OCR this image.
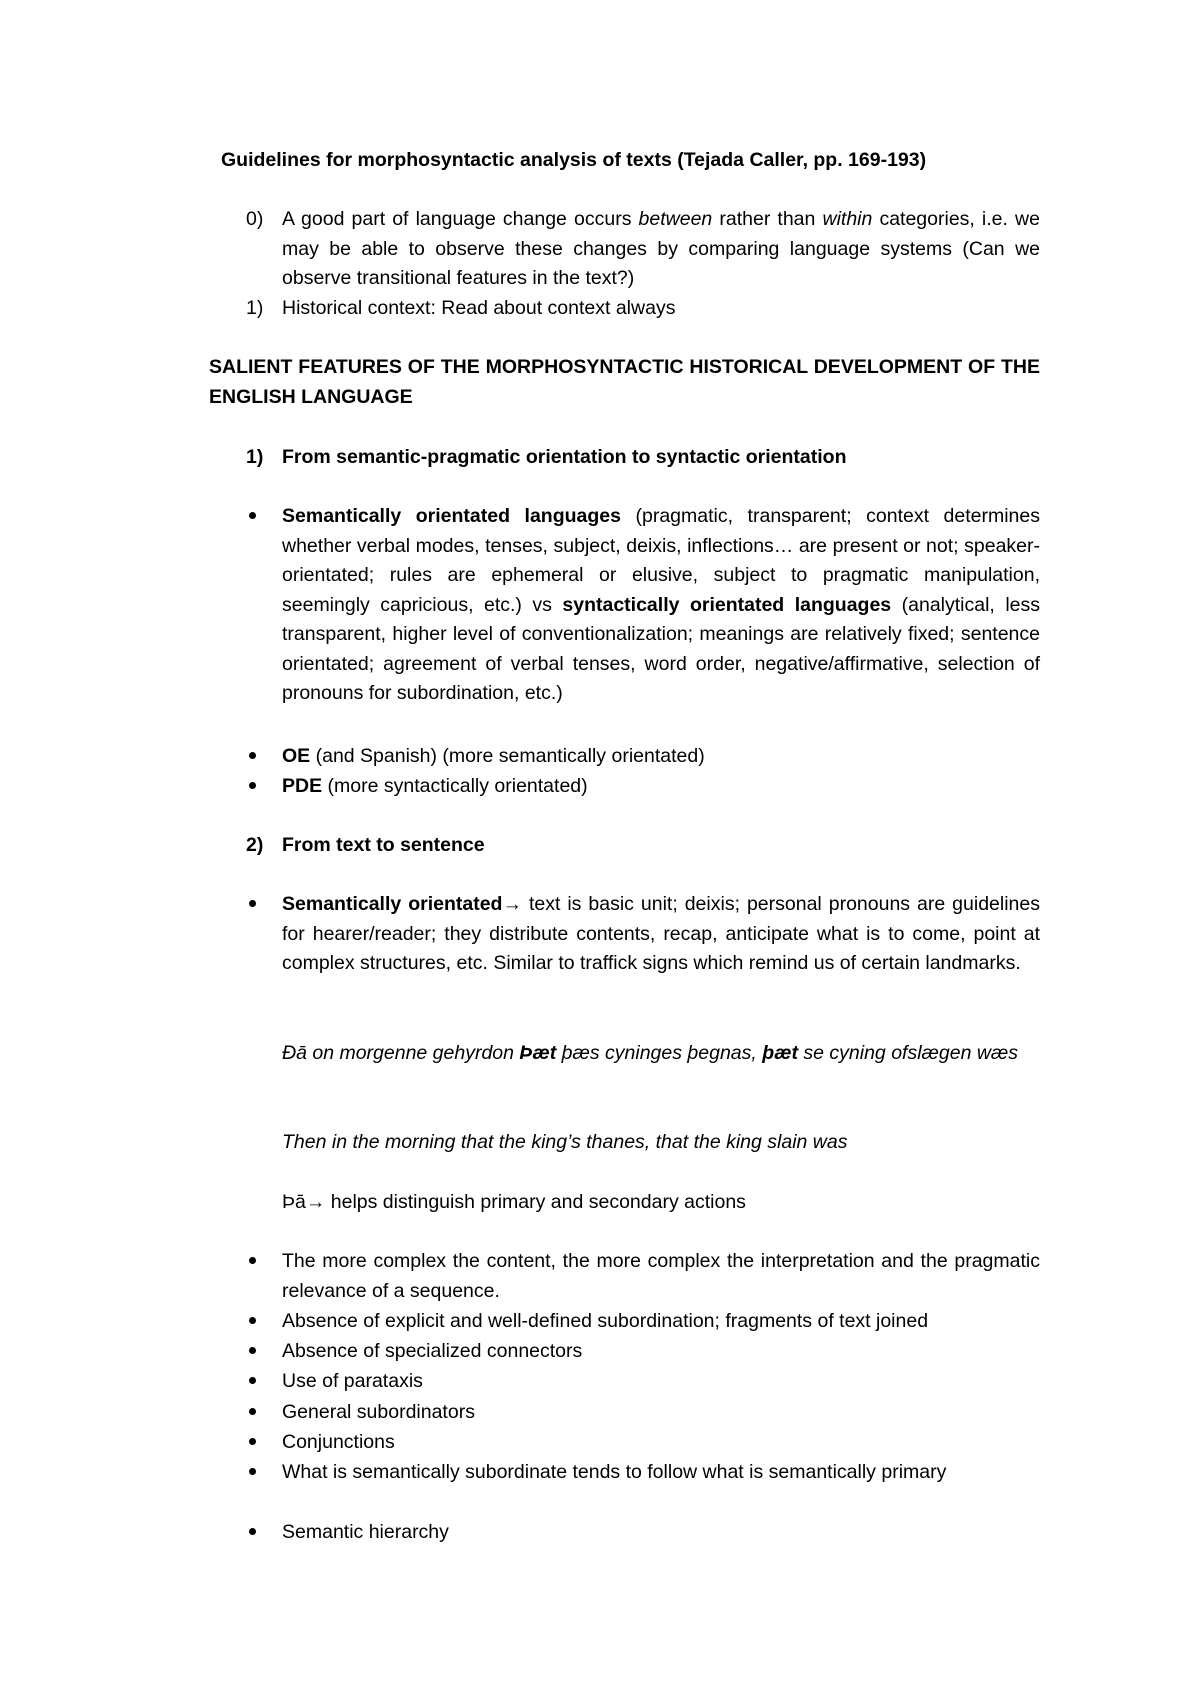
Guidelines for morphosyntactic analysis of texts (Tejada Caller, pp. 169-193)

0) A good part of language change occurs between rather than within categories, i.e. we may be able to observe these changes by comparing language systems (Can we observe transitional features in the text?)
1) Historical context: Read about context always

SALIENT FEATURES OF THE MORPHOSYNTACTIC HISTORICAL DEVELOPMENT OF THE ENGLISH LANGUAGE

1) From semantic-pragmatic orientation to syntactic orientation
Semantically orientated languages (pragmatic, transparent; context determines whether verbal modes, tenses, subject, deixis, inflections… are present or not; speaker-orientated; rules are ephemeral or elusive, subject to pragmatic manipulation, seemingly capricious, etc.) vs syntactically orientated languages (analytical, less transparent, higher level of conventionalization; meanings are relatively fixed; sentence orientated; agreement of verbal tenses, word order, negative/affirmative, selection of pronouns for subordination, etc.)
OE (and Spanish) (more semantically orientated)
PDE (more syntactically orientated)
2) From text to sentence
Semantically orientated→ text is basic unit; deixis; personal pronouns are guidelines for hearer/reader; they distribute contents, recap, anticipate what is to come, point at complex structures, etc. Similar to traffick signs which remind us of certain landmarks.

Ðā on morgenne gehyrdon Þæt þæs cyninges þegnas, þæt se cyning ofslægen wæs

Then in the morning that the king’s thanes, that the king slain was

Þā→ helps distinguish primary and secondary actions

The more complex the content, the more complex the interpretation and the pragmatic relevance of a sequence.
Absence of explicit and well-defined subordination; fragments of text joined
Absence of specialized connectors
Use of parataxis
General subordinators
Conjunctions
What is semantically subordinate tends to follow what is semantically primary
Semantic hierarchy
